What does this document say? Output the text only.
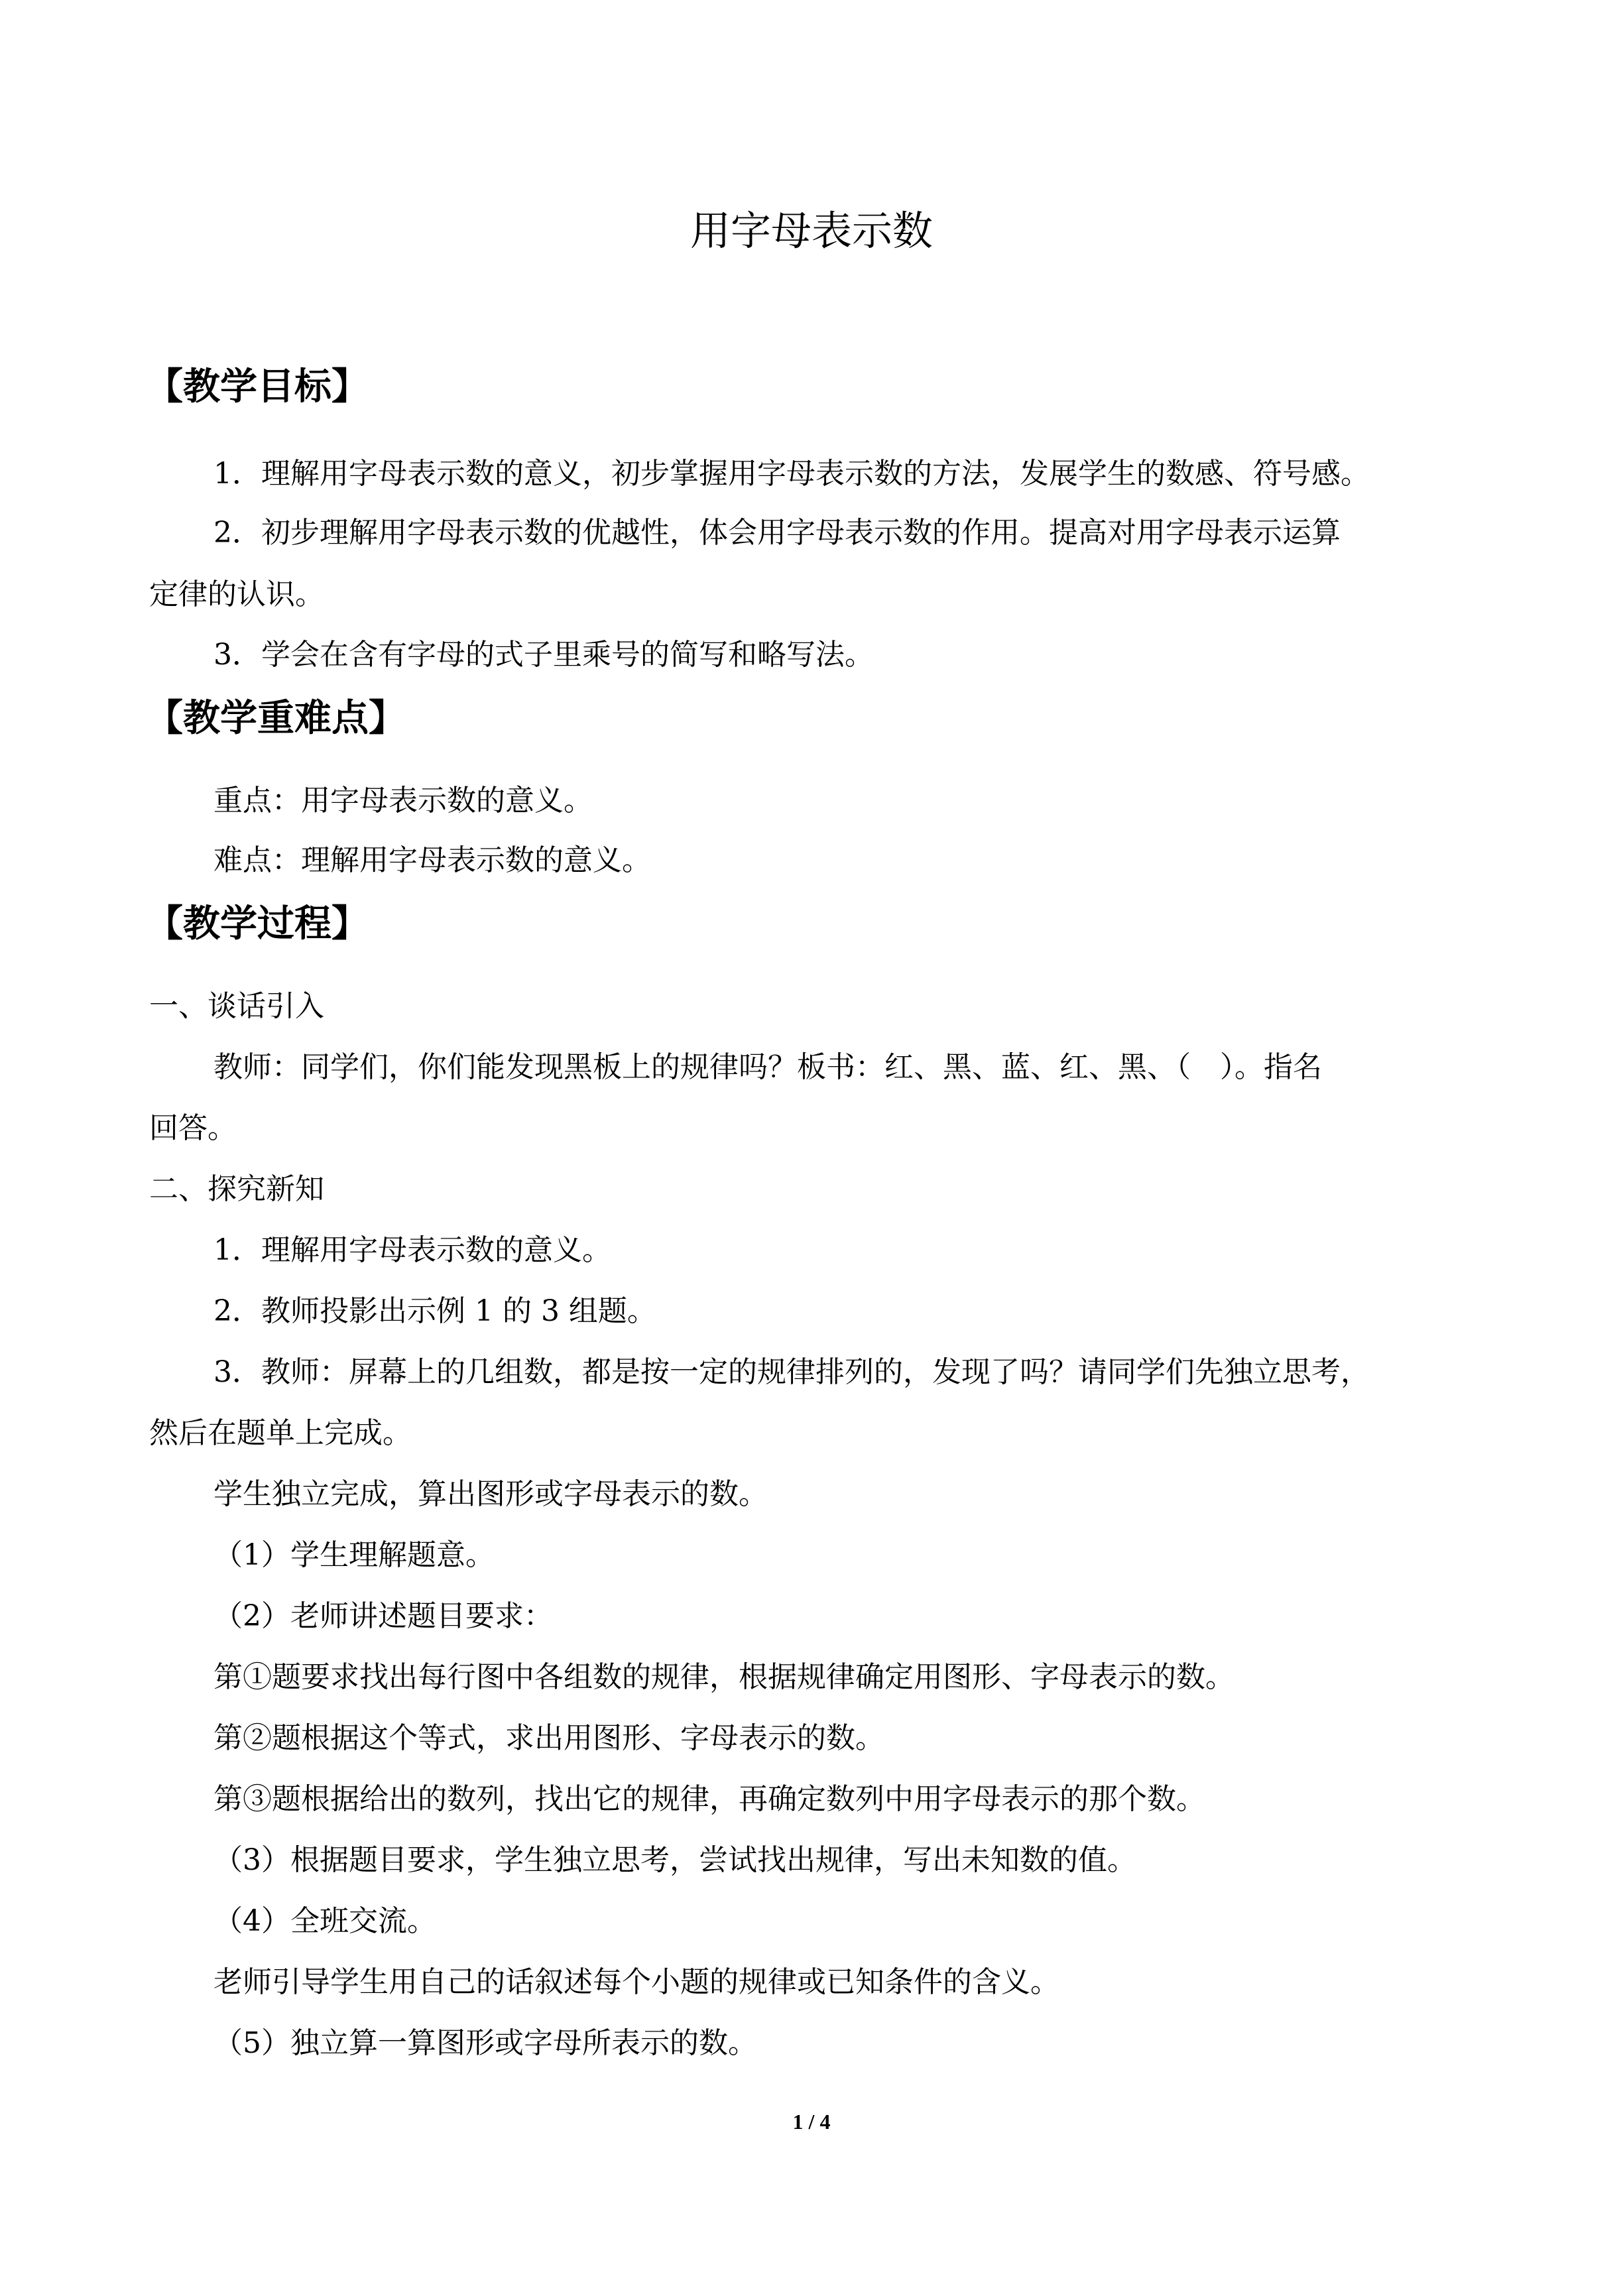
用字母表示数
【教学目标】

1．理解用字母表示数的意义，初步掌握用字母表示数的方法，发展学生的数感、符号感。

2．初步理解用字母表示数的优越性，体会用字母表示数的作用。提高对用字母表示运算

定律的认识。

3．学会在含有字母的式子里乘号的简写和略写法。

【教学重难点】

重点：用字母表示数的意义。

难点：理解用字母表示数的意义。

【教学过程】

一、谈话引入

教师：同学们，你们能发现黑板上的规律吗？板书：红、黑、蓝、红、黑、（　）。指名

回答。

二、探究新知

1．理解用字母表示数的意义。

2．教师投影出示例 1 的 3 组题。

3．教师：屏幕上的几组数，都是按一定的规律排列的，发现了吗？请同学们先独立思考，

然后在题单上完成。

学生独立完成，算出图形或字母表示的数。

（1）学生理解题意。

（2）老师讲述题目要求：

第①题要求找出每行图中各组数的规律，根据规律确定用图形、字母表示的数。

第②题根据这个等式，求出用图形、字母表示的数。

第③题根据给出的数列，找出它的规律，再确定数列中用字母表示的那个数。

（3）根据题目要求，学生独立思考，尝试找出规律，写出未知数的值。

（4）全班交流。

老师引导学生用自己的话叙述每个小题的规律或已知条件的含义。

（5）独立算一算图形或字母所表示的数。

1 / 4
